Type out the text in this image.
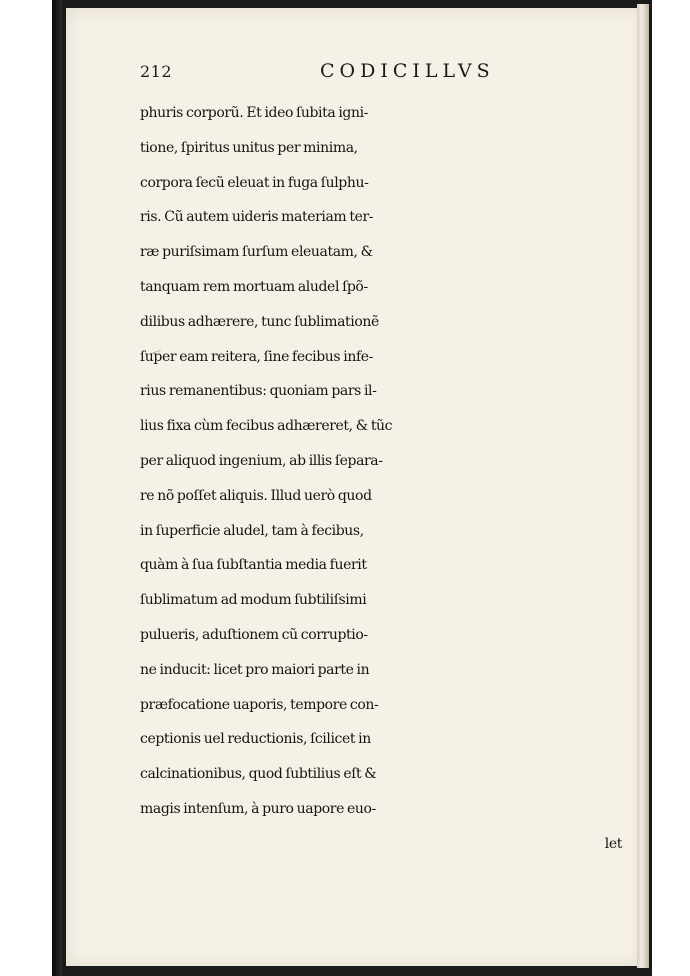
212	CODICILLVS
phuris corporũ. Et ideo ſubita igni-
tione, ſpiritus unitus per minima,
corpora ſecũ eleuat in fuga ſulphu-
ris. Cũ autem uideris materiam ter-
ræ puriſsimam ſurſum eleuatam, &
tanquam rem mortuam aludel ſpõ-
dilibus adhærere, tunc ſublimationẽ
ſuper eam reitera, ſine fecibus infe-
rius remanentibus: quoniam pars il-
lius fixa cùm fecibus adhæreret, & tũc
per aliquod ingenium, ab illis ſepara-
re nõ poſſet aliquis. Illud uerò quod
in ſuperficie aludel, tam à fecibus,
quàm à ſua ſubſtantia media fuerit
ſublimatum ad modum ſubtiliſsimi
pulueris, aduſtionem cũ corruptio-
ne inducit: licet pro maiori parte in
præfocatione uaporis, tempore con-
ceptionis uel reductionis, ſcilicet in
calcinationibus, quod ſubtilius eſt &
magis intenſum, à puro uapore euo-
let
